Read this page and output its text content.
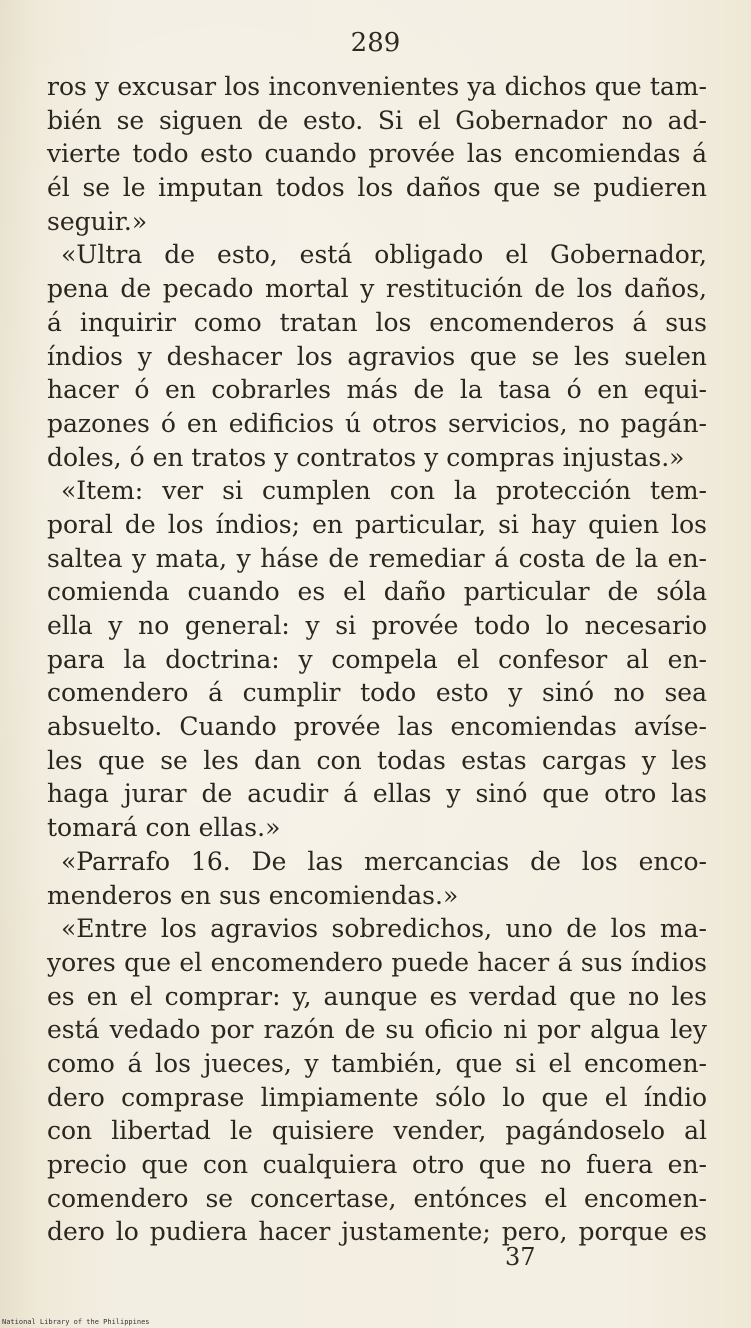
289
ros y excusar los inconvenientes ya dichos que tam-
bién se siguen de esto. Si el Gobernador no ad-
vierte todo esto cuando provée las encomiendas á
él se le imputan todos los daños que se pudieren
seguir.»
«Ultra de esto, está obligado el Gobernador,
pena de pecado mortal y restitución de los daños,
á inquirir como tratan los encomenderos á sus
índios y deshacer los agravios que se les suelen
hacer ó en cobrarles más de la tasa ó en equi-
pazones ó en edificios ú otros servicios, no pagán-
doles, ó en tratos y contratos y compras injustas.»
«Item: ver si cumplen con la protección tem-
poral de los índios; en particular, si hay quien los
saltea y mata, y háse de remediar á costa de la en-
comienda cuando es el daño particular de sóla
ella y no general: y si provée todo lo necesario
para la doctrina: y compela el confesor al en-
comendero á cumplir todo esto y sinó no sea
absuelto. Cuando provée las encomiendas avíse-
les que se les dan con todas estas cargas y les
haga jurar de acudir á ellas y sinó que otro las
tomará con ellas.»
«Parrafo 16. De las mercancias de los enco-
menderos en sus encomiendas.»
«Entre los agravios sobredichos, uno de los ma-
yores que el encomendero puede hacer á sus índios
es en el comprar: y, aunque es verdad que no les
está vedado por razón de su oficio ni por algua ley
como á los jueces, y también, que si el encomen-
dero comprase limpiamente sólo lo que el índio
con libertad le quisiere vender, pagándoselo al
precio que con cualquiera otro que no fuera en-
comendero se concertase, entónces el encomen-
dero lo pudiera hacer justamente; pero, porque es
37
National Library of the Philippines
